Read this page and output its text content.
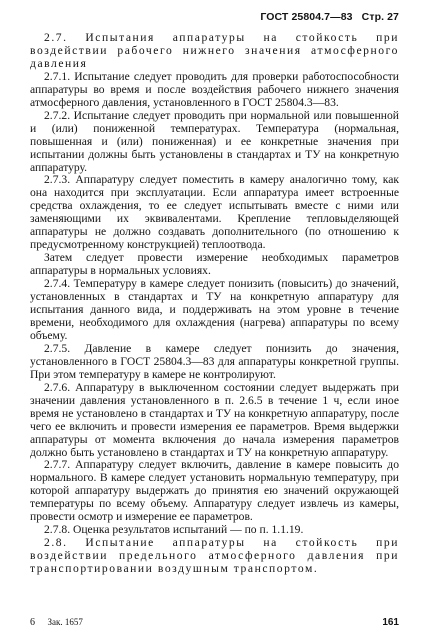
ГОСТ 25804.7—83 Стр. 27

2.7. Испытания аппаратуры на стойкость при воздействии рабочего нижнего значения атмосферного давления

2.7.1. Испытание следует проводить для проверки работоспособности аппаратуры во время и после воздействия рабочего нижнего значения атмосферного давления, установленного в ГОСТ 25804.3—83.

2.7.2. Испытание следует проводить при нормальной или повышенной и (или) пониженной температурах. Температура (нормальная, повышенная и (или) пониженная) и ее конкретные значения при испытании должны быть установлены в стандартах и ТУ на конкретную аппаратуру.

2.7.3. Аппаратуру следует поместить в камеру аналогично тому, как она находится при эксплуатации. Если аппаратура имеет встроенные средства охлаждения, то ее следует испытывать вместе с ними или заменяющими их эквивалентами. Крепление тепловыделяющей аппаратуры не должно создавать дополнительного (по отношению к предусмотренному конструкцией) теплоотвода.

Затем следует провести измерение необходимых параметров аппаратуры в нормальных условиях.

2.7.4. Температуру в камере следует понизить (повысить) до значений, установленных в стандартах и ТУ на конкретную аппаратуру для испытания данного вида, и поддерживать на этом уровне в течение времени, необходимого для охлаждения (нагрева) аппаратуры по всему объему.

2.7.5. Давление в камере следует понизить до значения, установленного в ГОСТ 25804.3—83 для аппаратуры конкретной группы. При этом температуру в камере не контролируют.

2.7.6. Аппаратуру в выключенном состоянии следует выдержать при значении давления установленного в п. 2.6.5 в течение 1 ч, если иное время не установлено в стандартах и ТУ на конкретную аппаратуру, после чего ее включить и провести измерения ее параметров. Время выдержки аппаратуры от момента включения до начала измерения параметров должно быть установлено в стандартах и ТУ на конкретную аппаратуру.

2.7.7. Аппаратуру следует включить, давление в камере повысить до нормального. В камере следует установить нормальную температуру, при которой аппаратуру выдержать до принятия ею значений окружающей температуры по всему объему. Аппаратуру следует извлечь из камеры, провести осмотр и измерение ее параметров.

2.7.8. Оценка результатов испытаний — по п. 1.1.19.

2.8. Испытание аппаратуры на стойкость при воздействии предельного атмосферного давления при транспортировании воздушным транспортом.

6 Зак. 1657	161
